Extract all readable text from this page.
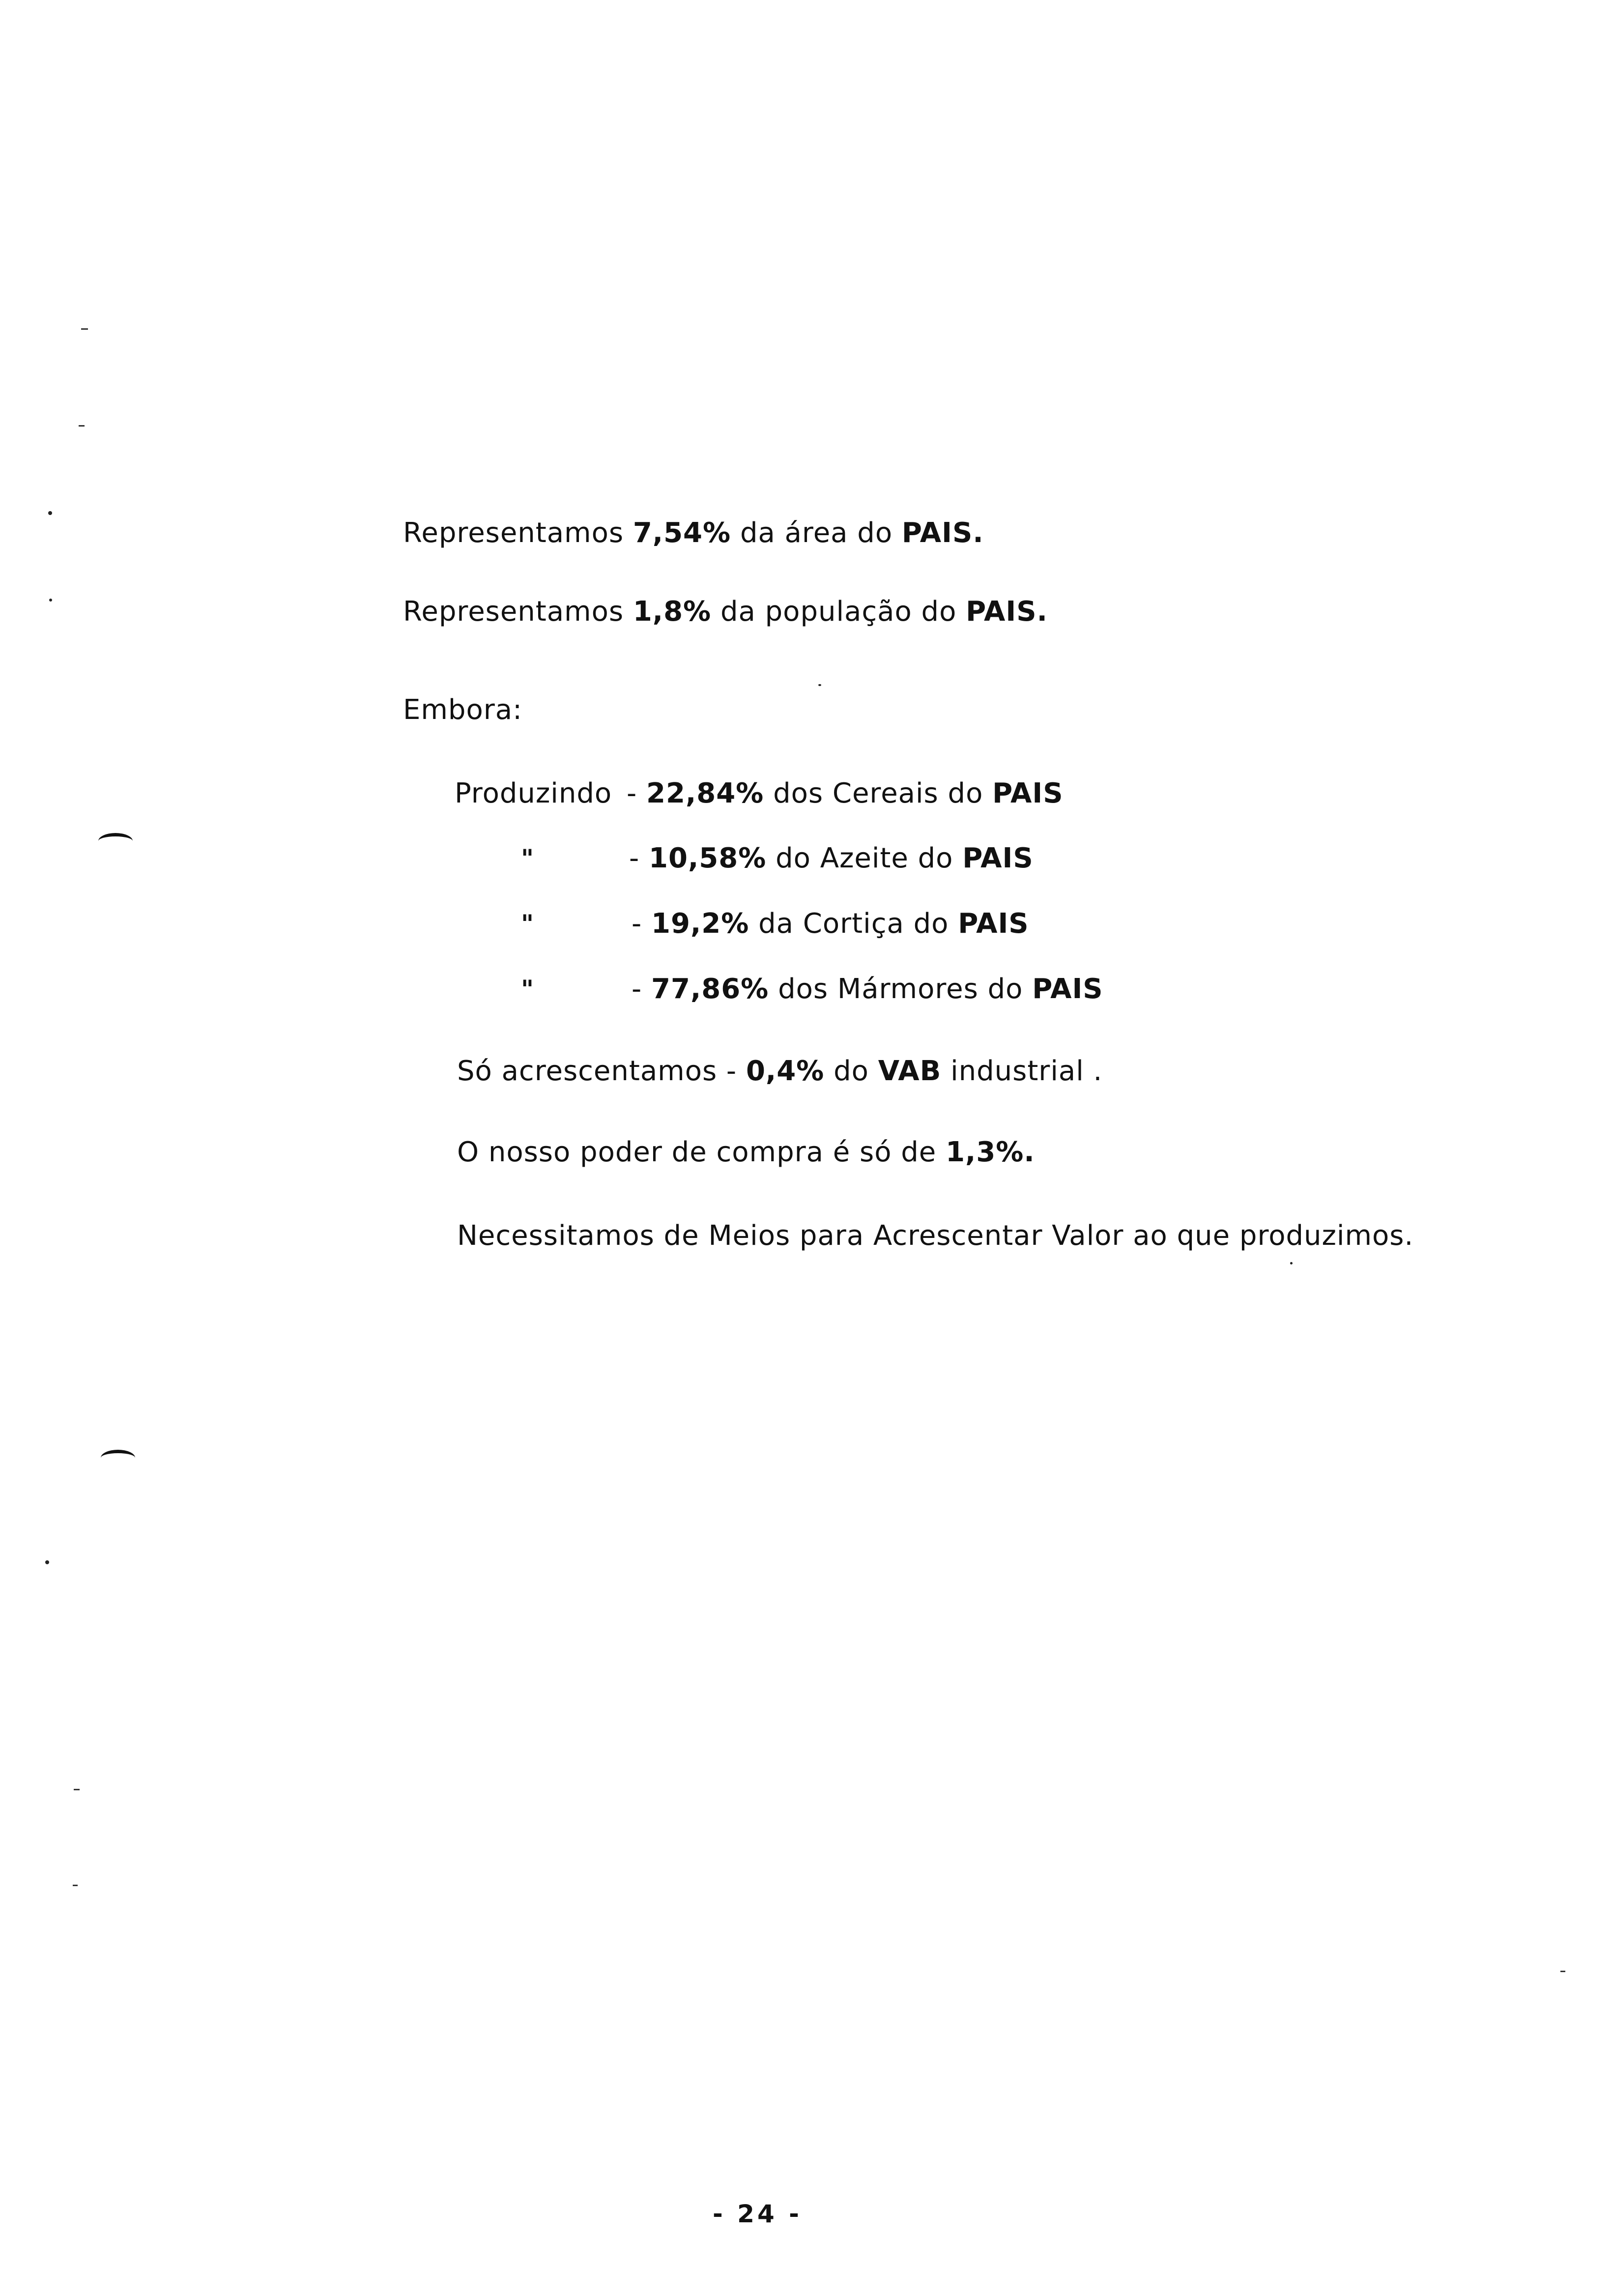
Representamos 7,54% da área do PAIS.
Representamos 1,8% da população do PAIS.
Embora:
Produzindo - 22,84% dos Cereais do PAIS
"	- 10,58% do Azeite do PAIS
"	- 19,2% da Cortiça do PAIS
"	- 77,86% dos Mármores do PAIS
Só acrescentamos - 0,4% do VAB industrial .
O nosso poder de compra é só de 1,3%.
Necessitamos de Meios para Acrescentar Valor ao que produzimos.
- 24 -
